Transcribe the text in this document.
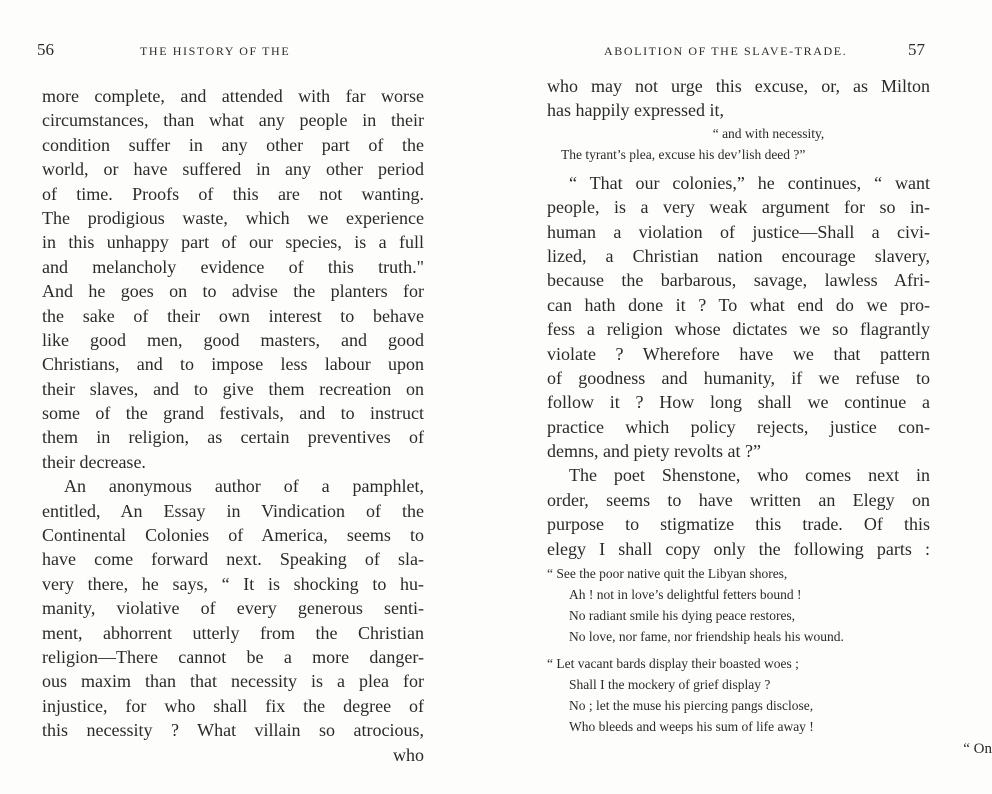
56	THE HISTORY OF THE
more complete, and attended with far worse
circumstances, than what any people in their
condition suffer in any other part of the
world, or have suffered in any other period
of time. Proofs of this are not wanting.
The prodigious waste, which we experience
in this unhappy part of our species, is a full
and melancholy evidence of this truth."
And he goes on to advise the planters for
the sake of their own interest to behave
like good men, good masters, and good
Christians, and to impose less labour upon
their slaves, and to give them recreation on
some of the grand festivals, and to instruct
them in religion, as certain preventives of
their decrease.
An anonymous author of a pamphlet,
entitled, An Essay in Vindication of the
Continental Colonies of America, seems to
have come forward next. Speaking of sla-
very there, he says, “ It is shocking to hu-
manity, violative of every generous senti-
ment, abhorrent utterly from the Christian
religion—There cannot be a more danger-
ous maxim than that necessity is a plea for
injustice, for who shall fix the degree of
this necessity ? What villain so atrocious,
who
ABOLITION OF THE SLAVE-TRADE.	57
who may not urge this excuse, or, as Milton
has happily expressed it,
“ and with necessity,
The tyrant’s plea, excuse his dev’lish deed ?”
“ That our colonies,” he continues, “ want
people, is a very weak argument for so in-
human a violation of justice—Shall a civi-
lized, a Christian nation encourage slavery,
because the barbarous, savage, lawless Afri-
can hath done it ? To what end do we pro-
fess a religion whose dictates we so flagrantly
violate ? Wherefore have we that pattern
of goodness and humanity, if we refuse to
follow it ? How long shall we continue a
practice which policy rejects, justice con-
demns, and piety revolts at ?”
The poet Shenstone, who comes next in
order, seems to have written an Elegy on
purpose to stigmatize this trade. Of this
elegy I shall copy only the following parts :
“ See the poor native quit the Libyan shores,
Ah ! not in love’s delightful fetters bound !
No radiant smile his dying peace restores,
No love, nor fame, nor friendship heals his wound.
“ Let vacant bards display their boasted woes ;
Shall I the mockery of grief display ?
No ; let the muse his piercing pangs disclose,
Who bleeds and weeps his sum of life away !
“ On
